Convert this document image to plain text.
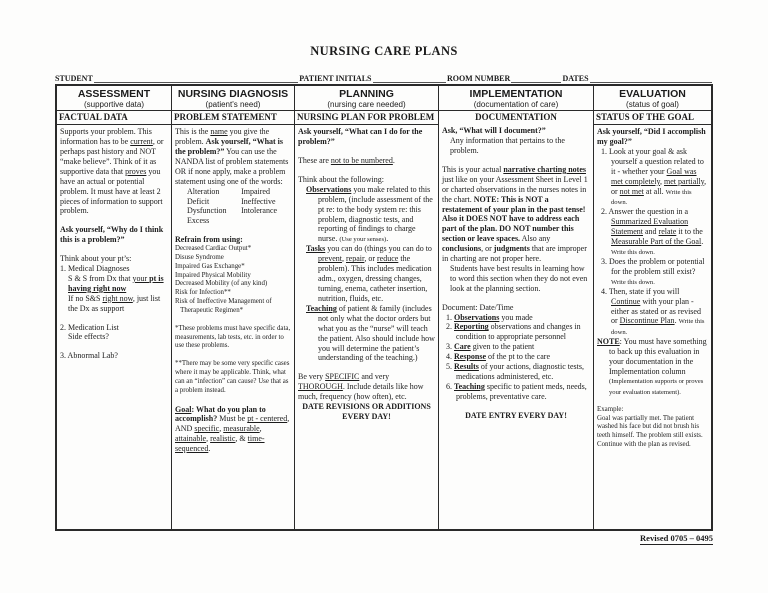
NURSING CARE PLANS
STUDENT	PATIENT INITIALS	ROOM NUMBER	DATES
ASSESSMENT
(supportive data)
NURSING DIAGNOSIS
(patient's need)
PLANNING
(nursing care needed)
IMPLEMENTATION
(documentation of care)
EVALUATION
(status of goal)
FACTUAL DATA
Supports your problem. This information has to be current, or perhaps past history and NOT “make believe”. Think of it as supportive data that proves you have an actual or potential problem. It must have at least 2 pieces of information to support problem.
Ask yourself, “Why do I think this is a problem?”
Think about your pt’s:
1. Medical Diagnoses
S & S from Dx that your pt is having right now
If no S&S right now, just list the Dx as support
2. Medication List
Side effects?
3. Abnormal Lab?
PROBLEM STATEMENT
This is the name you give the problem. Ask yourself, “What is the problem?” You can use the NANDA list of problem statements OR if none apply, make a problem statement using one of the words:
Alteration	Impaired
Deficit	Ineffective
Dysfunction	Intolerance
Excess
Refrain from using:
Decreased Cardiac Output*
Disuse Syndrome
Impaired Gas Exchange*
Impaired Physical Mobility
Decreased Mobility (of any kind)
Risk for Infection**
Risk of Ineffective Management of
Therapeutic Regimen*
*These problems must have specific data, measurements, lab tests, etc. in order to use these problems.
**There may be some very specific cases where it may be applicable. Think, what can an “infection” can cause? Use that as a problem instead.
Goal: What do you plan to accomplish? Must be pt - centered, AND specific, measurable, attainable, realistic, & time-sequenced.
NURSING PLAN FOR PROBLEM
Ask yourself, “What can I do for the problem?”
These are not to be numbered.
Think about the following:
Observations you make related to this problem, (include assessment of the pt re: to the body system re: this problem, diagnostic tests, and reporting of findings to charge nurse. (Use your senses).
Tasks you can do (things you can do to prevent, repair, or reduce the problem). This includes medication adm., oxygen, dressing changes, turning, enema, catheter insertion, nutrition, fluids, etc.
Teaching of patient & family (includes not only what the doctor orders but what you as the “nurse” will teach the patient. Also should include how you will determine the patient’s understanding of the teaching.)
Be very SPECIFIC and very THOROUGH. Include details like how much, frequency (how often), etc.
DATE REVISIONS OR ADDITIONS EVERY DAY!
DOCUMENTATION
Ask, “What will I document?”
Any information that pertains to the problem.
This is your actual narrative charting notes just like on your Assessment Sheet in Level 1 or charted observations in the nurses notes in the chart. NOTE: This is NOT a restatement of your plan in the past tense! Also it DOES NOT have to address each part of the plan. DO NOT number this section or leave spaces. Also any conclusions, or judgments that are improper in charting are not proper here.
Students have best results in learning how to word this section when they do not even look at the planning section.
Document: Date/Time
1. Observations you made
2. Reporting observations and changes in condition to appropriate personnel
3. Care given to the patient
4. Response of the pt to the care
5. Results of your actions, diagnostic tests, medications administered, etc.
6. Teaching specific to patient meds, needs, problems, preventative care.
DATE ENTRY EVERY DAY!
STATUS OF THE GOAL
Ask yourself, “Did I accomplish my goal?”
1. Look at your goal & ask yourself a question related to it - whether your Goal was met completely, met partially, or not met at all. Write this down.
2. Answer the question in a Summarized Evaluation Statement and relate it to the Measurable Part of the Goal. Write this down.
3. Does the problem or potential for the problem still exist? Write this down.
4. Then, state if you will Continue with your plan - either as stated or as revised or Discontinue Plan. Write this down.
NOTE: You must have something to back up this evaluation in your documentation in the Implementation column (Implementation supports or proves your evaluation statement).
Example:
Goal was partially met. The patient washed his face but did not brush his teeth himself. The problem still exists. Continue with the plan as revised.
Revised 0705 – 0495
